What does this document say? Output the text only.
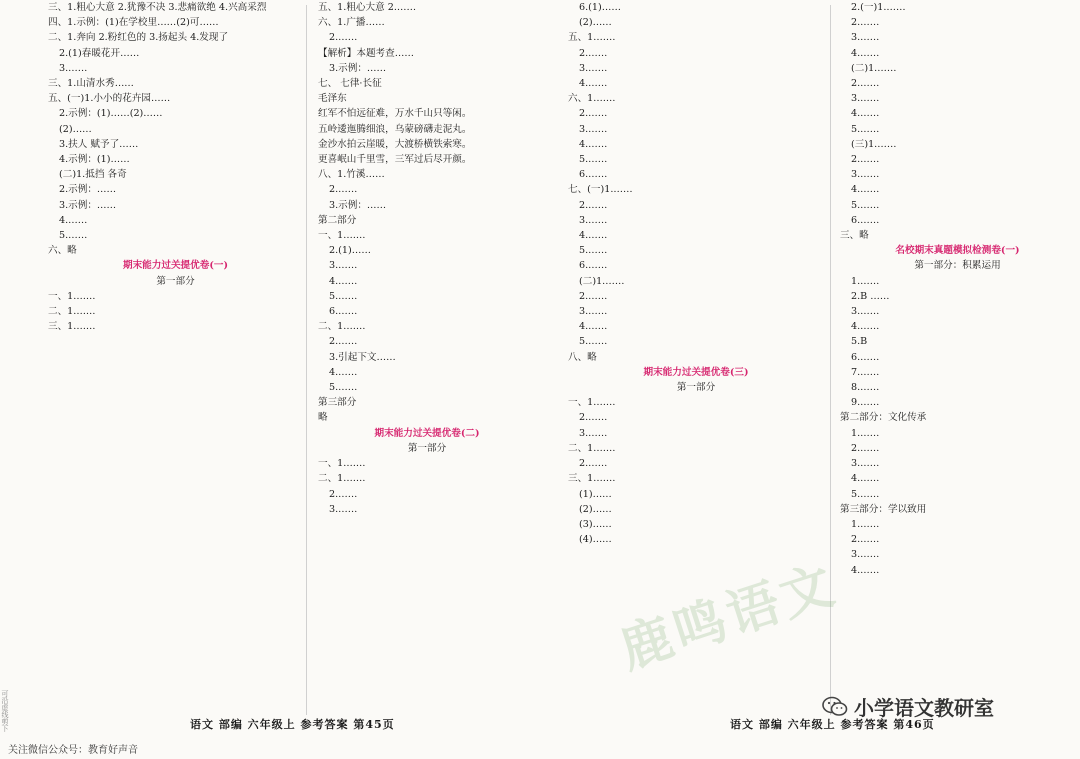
三、1.粗心大意 2.犹豫不决 3.悲痛欲绝 4.兴高采烈

四、1.示例：(1)在学校里……(2)可……

二、1.奔向 2.粉红色的 3.扬起头 4.发现了

2.(1)春暖花开……

3.……

三、1.山清水秀……

五、(一)1.小小的花卉园……

2.示例：(1)……(2)……

(2)……

3.扶人 赋予了……

4.示例：(1)……

(二)1.抵挡 各奇

2.示例：……

3.示例：……

4.……

5.……

六、略

期末能力过关提优卷(一)

第一部分

一、1.……

二、1.……

三、1.……

五、1.粗心大意 2.……

六、1.广播……

2.……

【解析】本题考查……

3.示例：……

七、 七律·长征

毛泽东

红军不怕远征难，万水千山只等闲。

五岭逶迤腾细浪，乌蒙磅礴走泥丸。

金沙水拍云崖暖，大渡桥横铁索寒。

更喜岷山千里雪，三军过后尽开颜。

八、1.竹溪……

2.……

3.示例：……

第二部分

一、1.……

2.(1)……

3.……

4.……

5.……

6.……

二、1.……

2.……

3.引起下文……

4.……

5.……

第三部分

略

期末能力过关提优卷(二)

第一部分

一、1.……

二、1.……

2.……

3.……

语文 部编 六年级上 参考答案 第45页

6.(1)……

(2)……

五、1.……

2.……

3.……

4.……

六、1.……

2.……

3.……

4.……

5.……

6.……

七、(一)1.……

2.……

3.……

4.……

5.……

6.……

(二)1.……

2.……

3.……

4.……

5.……

八、略

期末能力过关提优卷(三)

第一部分

一、1.……

2.……

3.……

二、1.……

2.……

三、1.……

(1)……

(2)……

(3)……

(4)……

2.(一)1.……

2.……

3.……

4.……

(二)1.……

2.……

3.……

4.……

5.……

(三)1.……

2.……

3.……

4.……

5.……

6.……

三、略

名校期末真题模拟检测卷(一)

第一部分：积累运用

1.……

2.B ……

3.……

4.……

5.B

6.……

7.……

8.……

9.……

第二部分：文化传承

1.……

2.……

3.……

4.……

5.……

第三部分：学以致用

1.……

2.……

3.……

4.……

语文 部编 六年级上 参考答案 第46页
可沿虚线剪下
鹿鸣语文
关注微信公众号：教育好声音
小学语文教研室
